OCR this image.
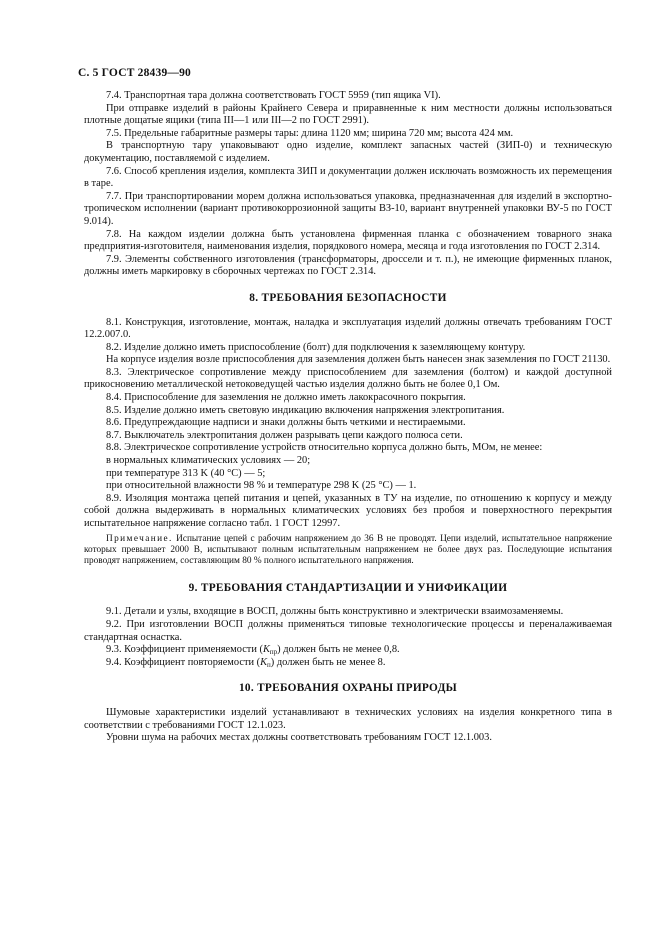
С. 5 ГОСТ 28439—90

7.4. Транспортная тара должна соответствовать ГОСТ 5959 (тип ящика VI).

При отправке изделий в районы Крайнего Севера и приравненные к ним местности должны использоваться плотные дощатые ящики (типа III—1 или III—2 по ГОСТ 2991).

7.5. Предельные габаритные размеры тары: длина 1120 мм; ширина 720 мм; высота 424 мм.

В транспортную тару упаковывают одно изделие, комплект запасных частей (ЗИП-0) и техническую документацию, поставляемой с изделием.

7.6. Способ крепления изделия, комплекта ЗИП и документации должен исключать возможность их перемещения в таре.

7.7. При транспортировании морем должна использоваться упаковка, предназначенная для изделий в экспортно-тропическом исполнении (вариант противокоррозионной защиты ВЗ-10, вариант внутренней упаковки ВУ-5 по ГОСТ 9.014).

7.8. На каждом изделии должна быть установлена фирменная планка с обозначением товарного знака предприятия-изготовителя, наименования изделия, порядкового номера, месяца и года изготовления по ГОСТ 2.314.

7.9. Элементы собственного изготовления (трансформаторы, дроссели и т. п.), не имеющие фирменных планок, должны иметь маркировку в сборочных чертежах по ГОСТ 2.314.

8. ТРЕБОВАНИЯ БЕЗОПАСНОСТИ

8.1. Конструкция, изготовление, монтаж, наладка и эксплуатация изделий должны отвечать требованиям ГОСТ 12.2.007.0.

8.2. Изделие должно иметь приспособление (болт) для подключения к заземляющему контуру.

На корпусе изделия возле приспособления для заземления должен быть нанесен знак заземления по ГОСТ 21130.

8.3. Электрическое сопротивление между приспособлением для заземления (болтом) и каждой доступной прикосновению металлической нетоковедущей частью изделия должно быть не более 0,1 Ом.

8.4. Приспособление для заземления не должно иметь лакокрасочного покрытия.

8.5. Изделие должно иметь световую индикацию включения напряжения электропитания.

8.6. Предупреждающие надписи и знаки должны быть четкими и нестираемыми.

8.7. Выключатель электропитания должен разрывать цепи каждого полюса сети.

8.8. Электрическое сопротивление устройств относительно корпуса должно быть, МОм, не менее:

в нормальных климатических условиях — 20;

при температуре 313 K (40 °C) — 5;

при относительной влажности 98 % и температуре 298 K (25 °C) — 1.

8.9. Изоляция монтажа цепей питания и цепей, указанных в ТУ на изделие, по отношению к корпусу и между собой должна выдерживать в нормальных климатических условиях без пробоя и поверхностного перекрытия испытательное напряжение согласно табл. 1 ГОСТ 12997.

Примечание. Испытание цепей с рабочим напряжением до 36 В не проводят. Цепи изделий, испытательное напряжение которых превышает 2000 В, испытывают полным испытательным напряжением не более двух раз. Последующие испытания проводят напряжением, составляющим 80 % полного испытательного напряжения.
9. ТРЕБОВАНИЯ СТАНДАРТИЗАЦИИ И УНИФИКАЦИИ

9.1. Детали и узлы, входящие в ВОСП, должны быть конструктивно и электрически взаимозаменяемы.

9.2. При изготовлении ВОСП должны применяться типовые технологические процессы и переналаживаемая стандартная оснастка.

9.3. Коэффициент применяемости $(K_{пр})$ должен быть не менее 0,8.

9.4. Коэффициент повторяемости $(K_п)$ должен быть не менее 8.

10. ТРЕБОВАНИЯ ОХРАНЫ ПРИРОДЫ

Шумовые характеристики изделий устанавливают в технических условиях на изделия конкретного типа в соответствии с требованиями ГОСТ 12.1.023.

Уровни шума на рабочих местах должны соответствовать требованиям ГОСТ 12.1.003.
